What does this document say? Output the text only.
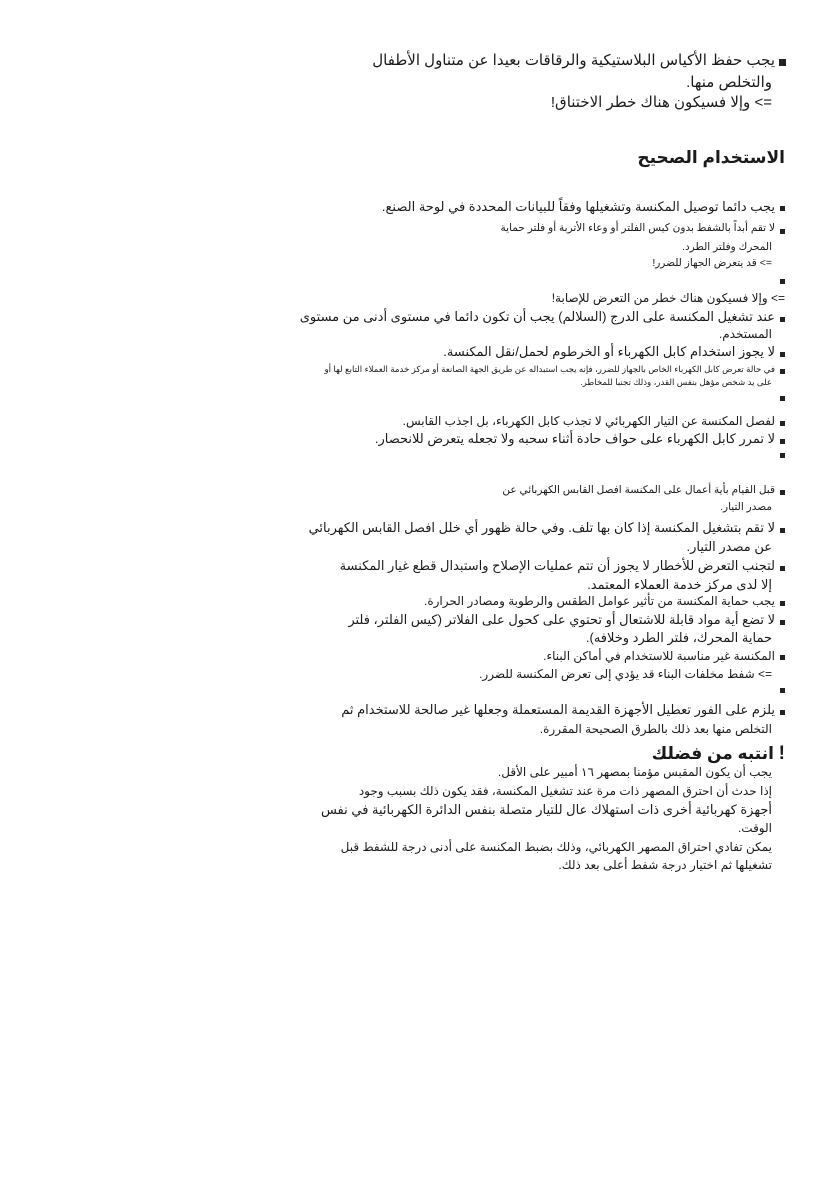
يجب حفظ الأكياس البلاستيكية والرقاقات بعيدا عن متناول الأطفال
والتخلص منها.
=> وإلا فسيكون هناك خطر الاختناق!
الاستخدام الصحيح
يجب دائما توصيل المكنسة وتشغيلها وفقاً للبيانات المحددة في لوحة الصنع.
لا تقم أبداً بالشفط بدون كيس الفلتر أو وعاء الأتربة أو فلتر حماية
المحرك وفلتر الطرد.
=> قد يتعرض الجهاز للضرر!
=> وإلا فسيكون هناك خطر من التعرض للإصابة!
عند تشغيل المكنسة على الدرج (السلالم) يجب أن تكون دائما في مستوى أدنى من مستوى
المستخدم.
لا يجوز استخدام كابل الكهرباء أو الخرطوم لحمل/نقل المكنسة.
في حالة تعرض كابل الكهرباء الخاص بالجهاز للضرر، فإنه يجب استبداله عن طريق الجهة الصانعة أو مركز خدمة العملاء التابع لها أو
على يد شخص مؤهل بنفس القدر، وذلك تجنبا للمخاطر.
لفصل المكنسة عن التيار الكهربائي لا تجذب كابل الكهرباء، بل اجذب القابس.
لا تمرر كابل الكهرباء على حواف حادة أثناء سحبه ولا تجعله يتعرض للانحصار.
قبل القيام بأية أعمال على المكنسة افصل القابس الكهربائي عن
مصدر التيار.
لا تقم بتشغيل المكنسة إذا كان بها تلف. وفي حالة ظهور أي خلل افصل القابس الكهربائي
عن مصدر التيار.
لتجنب التعرض للأخطار لا يجوز أن تتم عمليات الإصلاح واستبدال قطع غيار المكنسة
إلا لدى مركز خدمة العملاء المعتمد.
يجب حماية المكنسة من تأثير عوامل الطقس والرطوبة ومصادر الحرارة.
لا تضع أية مواد قابلة للاشتعال أو تحتوي على كحول على الفلاتر (كيس الفلتر، فلتر
حماية المحرك، فلتر الطرد وخلافه).
المكنسة غير مناسبة للاستخدام في أماكن البناء.
=> شفط مخلفات البناء قد يؤدي إلى تعرض المكنسة للضرر.
يلزم على الفور تعطيل الأجهزة القديمة المستعملة وجعلها غير صالحة للاستخدام ثم
التخلص منها بعد ذلك بالطرق الصحيحة المقررة.
! انتبه من فضلك
يجب أن يكون المقبس مؤمنا بمصهر ١٦ أمبير على الأقل.
إذا حدث أن احترق المصهر ذات مرة عند تشغيل المكنسة، فقد يكون ذلك بسبب وجود
أجهزة كهربائية أخرى ذات استهلاك عال للتيار متصلة بنفس الدائرة الكهربائية في نفس
الوقت.
يمكن تفادي احتراق المصهر الكهربائي، وذلك بضبط المكنسة على أدنى درجة للشفط قبل
تشغيلها ثم اختيار درجة شفط أعلى بعد ذلك.
